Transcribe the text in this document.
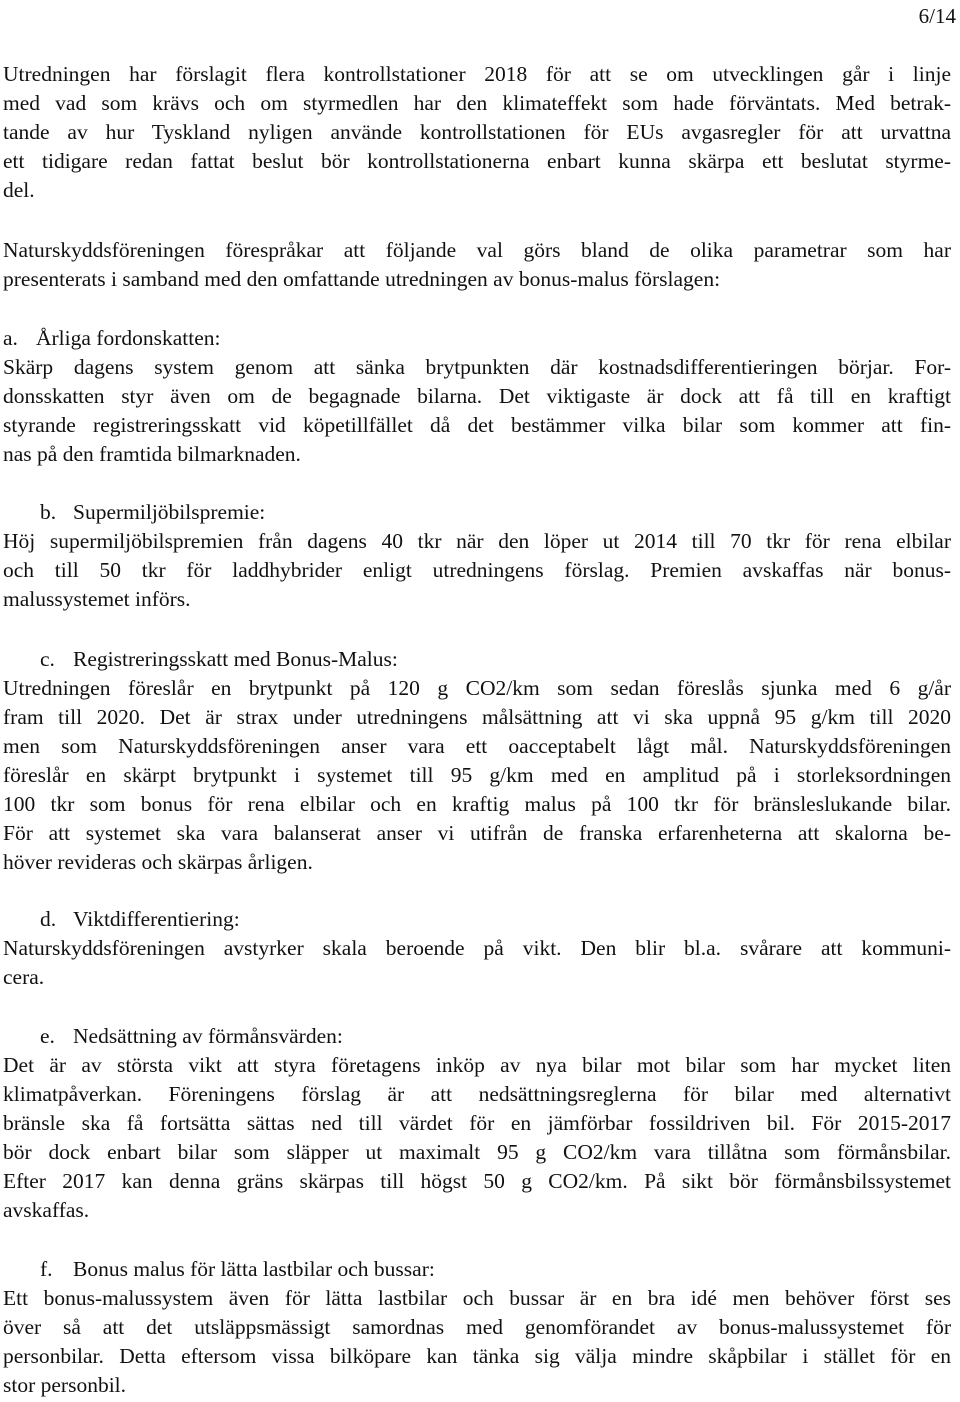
6/14
Utredningen har förslagit flera kontrollstationer 2018 för att se om utvecklingen går i linje
med vad som krävs och om styrmedlen har den klimateffekt som hade förväntats. Med betrak-
tande av hur Tyskland nyligen använde kontrollstationen för EUs avgasregler för att urvattna
ett tidigare redan fattat beslut bör kontrollstationerna enbart kunna skärpa ett beslutat styrme-
del.
Naturskyddsföreningen förespråkar att följande val görs bland de olika parametrar som har
presenterats i samband med den omfattande utredningen av bonus-malus förslagen:
a. Årliga fordonskatten:
Skärp dagens system genom att sänka brytpunkten där kostnadsdifferentieringen börjar. For-
donsskatten styr även om de begagnade bilarna. Det viktigaste är dock att få till en kraftigt
styrande registreringsskatt vid köpetillfället då det bestämmer vilka bilar som kommer att fin-
nas på den framtida bilmarknaden.
b. Supermiljöbilspremie:
Höj supermiljöbilspremien från dagens 40 tkr när den löper ut 2014 till 70 tkr för rena elbilar
och till 50 tkr för laddhybrider enligt utredningens förslag. Premien avskaffas när bonus-
malussystemet införs.
c. Registreringsskatt med Bonus-Malus:
Utredningen föreslår en brytpunkt på 120 g CO2/km som sedan föreslås sjunka med 6 g/år
fram till 2020. Det är strax under utredningens målsättning att vi ska uppnå 95 g/km till 2020
men som Naturskyddsföreningen anser vara ett oacceptabelt lågt mål. Naturskyddsföreningen
föreslår en skärpt brytpunkt i systemet till 95 g/km med en amplitud på i storleksordningen
100 tkr som bonus för rena elbilar och en kraftig malus på 100 tkr för bränsleslukande bilar.
För att systemet ska vara balanserat anser vi utifrån de franska erfarenheterna att skalorna be-
höver revideras och skärpas årligen.
d. Viktdifferentiering:
Naturskyddsföreningen avstyrker skala beroende på vikt. Den blir bl.a. svårare att kommuni-
cera.
e. Nedsättning av förmånsvärden:
Det är av största vikt att styra företagens inköp av nya bilar mot bilar som har mycket liten
klimatpåverkan. Föreningens förslag är att nedsättningsreglerna för bilar med alternativt
bränsle ska få fortsätta sättas ned till värdet för en jämförbar fossildriven bil. För 2015-2017
bör dock enbart bilar som släpper ut maximalt 95 g CO2/km vara tillåtna som förmånsbilar.
Efter 2017 kan denna gräns skärpas till högst 50 g CO2/km. På sikt bör förmånsbilssystemet
avskaffas.
f. Bonus malus för lätta lastbilar och bussar:
Ett bonus-malussystem även för lätta lastbilar och bussar är en bra idé men behöver först ses
över så att det utsläppsmässigt samordnas med genomförandet av bonus-malussystemet för
personbilar. Detta eftersom vissa bilköpare kan tänka sig välja mindre skåpbilar i stället för en
stor personbil.
